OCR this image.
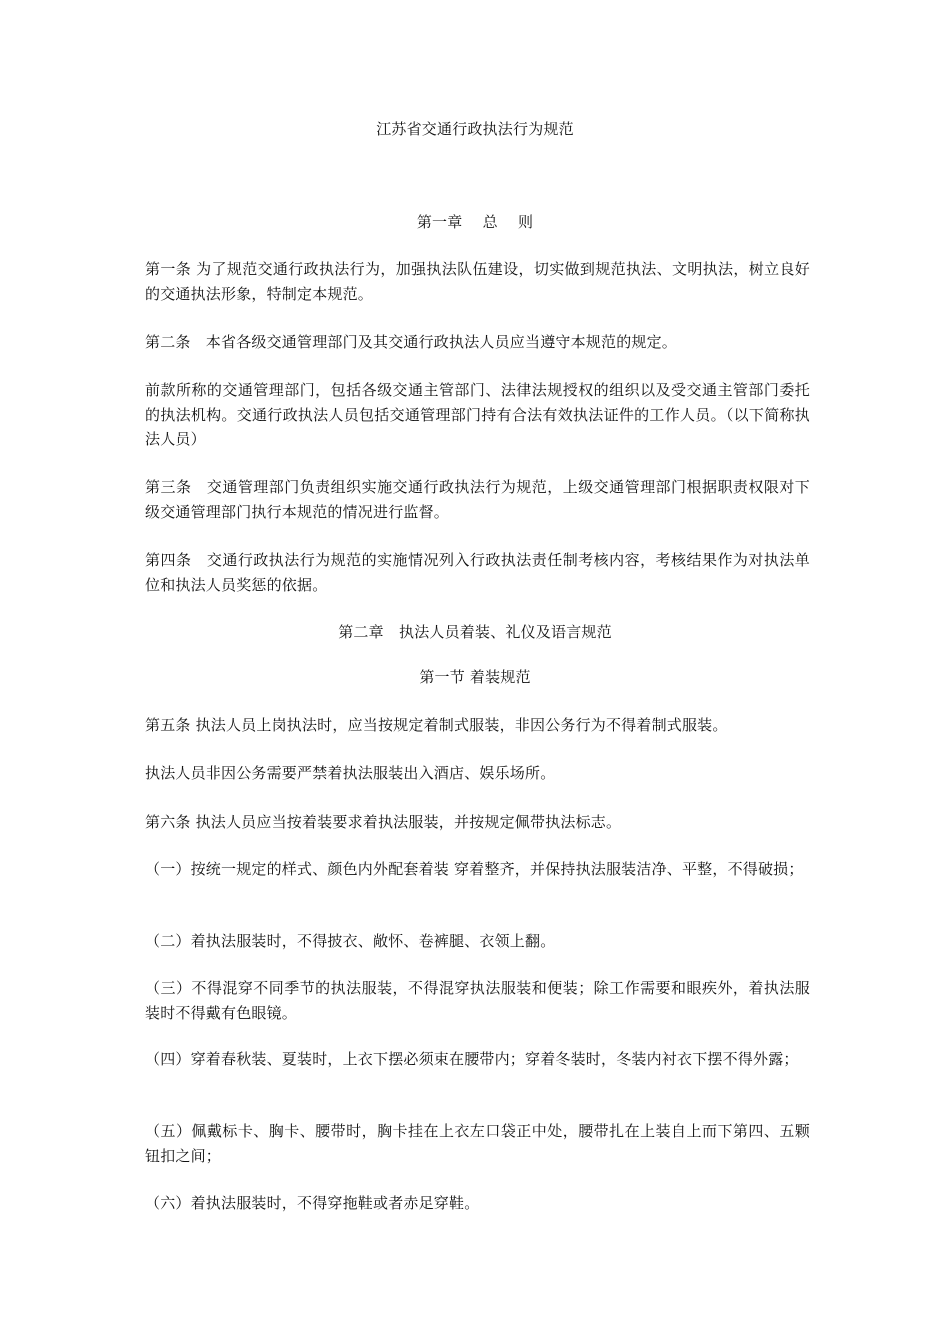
江苏省交通行政执法行为规范
第一章　 总　 则
第一条 为了规范交通行政执法行为，加强执法队伍建设，切实做到规范执法、文明执法，树立良好的交通执法形象，特制定本规范。
第二条　本省各级交通管理部门及其交通行政执法人员应当遵守本规范的规定。
前款所称的交通管理部门，包括各级交通主管部门、法律法规授权的组织以及受交通主管部门委托的执法机构。交通行政执法人员包括交通管理部门持有合法有效执法证件的工作人员。（以下简称执法人员）
第三条　交通管理部门负责组织实施交通行政执法行为规范，上级交通管理部门根据职责权限对下级交通管理部门执行本规范的情况进行监督。
第四条　交通行政执法行为规范的实施情况列入行政执法责任制考核内容，考核结果作为对执法单位和执法人员奖惩的依据。
第二章　执法人员着装、礼仪及语言规范
第一节 着装规范
第五条 执法人员上岗执法时，应当按规定着制式服装，非因公务行为不得着制式服装。
执法人员非因公务需要严禁着执法服装出入酒店、娱乐场所。
第六条 执法人员应当按着装要求着执法服装，并按规定佩带执法标志。
（一）按统一规定的样式、颜色内外配套着装 穿着整齐，并保持执法服装洁净、平整，不得破损；
（二）着执法服装时，不得披衣、敞怀、卷裤腿、衣领上翻。
（三）不得混穿不同季节的执法服装，不得混穿执法服装和便装；除工作需要和眼疾外，着执法服装时不得戴有色眼镜。
（四）穿着春秋装、夏装时，上衣下摆必须束在腰带内；穿着冬装时，冬装内衬衣下摆不得外露；
（五）佩戴标卡、胸卡、腰带时，胸卡挂在上衣左口袋正中处，腰带扎在上装自上而下第四、五颗钮扣之间；
（六）着执法服装时，不得穿拖鞋或者赤足穿鞋。
